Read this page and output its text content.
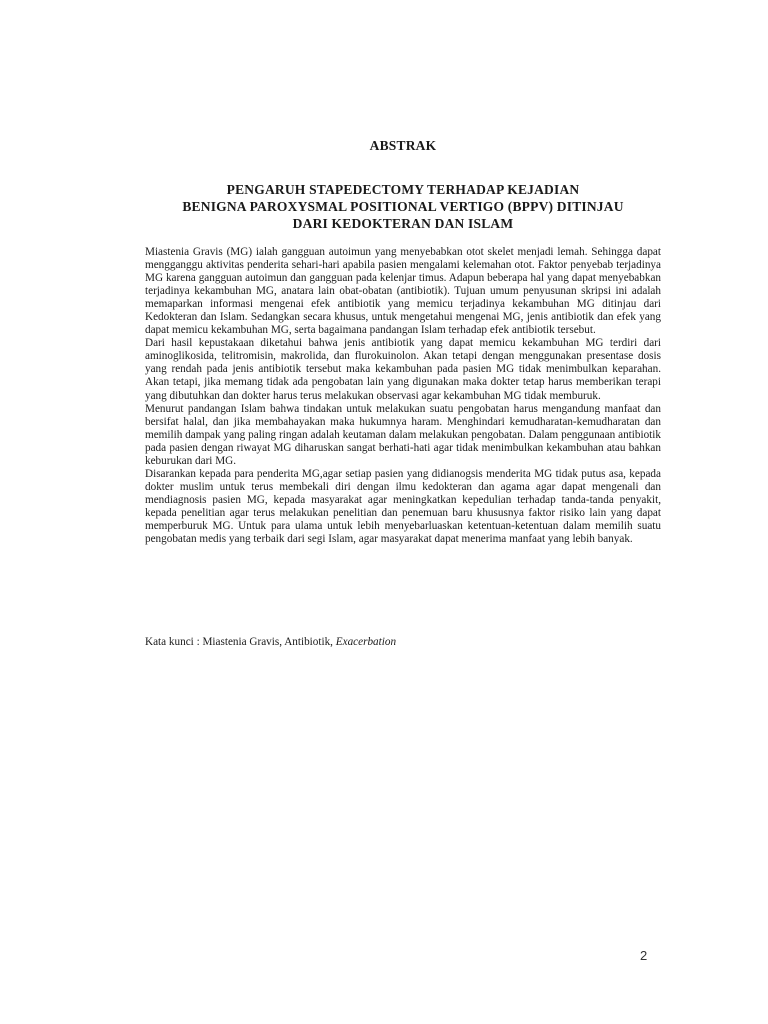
ABSTRAK
PENGARUH STAPEDECTOMY TERHADAP KEJADIAN
BENIGNA PAROXYSMAL POSITIONAL VERTIGO (BPPV) DITINJAU
DARI KEDOKTERAN DAN ISLAM

Miastenia Gravis (MG) ialah gangguan autoimun yang menyebabkan otot skelet menjadi lemah. Sehingga dapat mengganggu aktivitas penderita sehari-hari apabila pasien mengalami kelemahan otot. Faktor penyebab terjadinya MG karena gangguan autoimun dan gangguan pada kelenjar timus. Adapun beberapa hal yang dapat menyebabkan terjadinya kekambuhan MG, anatara lain obat-obatan (antibiotik). Tujuan umum penyusunan skripsi ini adalah memaparkan informasi mengenai efek antibiotik yang memicu terjadinya kekambuhan MG ditinjau dari Kedokteran dan Islam. Sedangkan secara khusus, untuk mengetahui mengenai MG, jenis antibiotik dan efek yang dapat memicu kekambuhan MG, serta bagaimana pandangan Islam terhadap efek antibiotik tersebut.

Dari hasil kepustakaan diketahui bahwa jenis antibiotik yang dapat memicu kekambuhan MG terdiri dari aminoglikosida, telitromisin, makrolida, dan flurokuinolon. Akan tetapi dengan menggunakan presentase dosis yang rendah pada jenis antibiotik tersebut maka kekambuhan pada pasien MG tidak menimbulkan keparahan. Akan tetapi, jika memang tidak ada pengobatan lain yang digunakan maka dokter tetap harus memberikan terapi yang dibutuhkan dan dokter harus terus melakukan observasi agar kekambuhan MG tidak memburuk.

Menurut pandangan Islam bahwa tindakan untuk melakukan suatu pengobatan harus mengandung manfaat dan bersifat halal, dan jika membahayakan maka hukumnya haram. Menghindari kemudharatan-kemudharatan dan memilih dampak yang paling ringan adalah keutaman dalam melakukan pengobatan. Dalam penggunaan antibiotik pada pasien dengan riwayat MG diharuskan sangat berhati-hati agar tidak menimbulkan kekambuhan atau bahkan keburukan dari MG.

Disarankan kepada para penderita MG,agar setiap pasien yang didianogsis menderita MG tidak putus asa, kepada dokter muslim untuk terus membekali diri dengan ilmu kedokteran dan agama agar dapat mengenali dan mendiagnosis pasien MG, kepada masyarakat agar meningkatkan kepedulian terhadap tanda-tanda penyakit, kepada penelitian agar terus melakukan penelitian dan penemuan baru khususnya faktor risiko lain yang dapat memperburuk MG. Untuk para ulama untuk lebih menyebarluaskan ketentuan-ketentuan dalam memilih suatu pengobatan medis yang terbaik dari segi Islam, agar masyarakat dapat menerima manfaat yang lebih banyak.

Kata kunci : Miastenia Gravis, Antibiotik, Exacerbation
2
